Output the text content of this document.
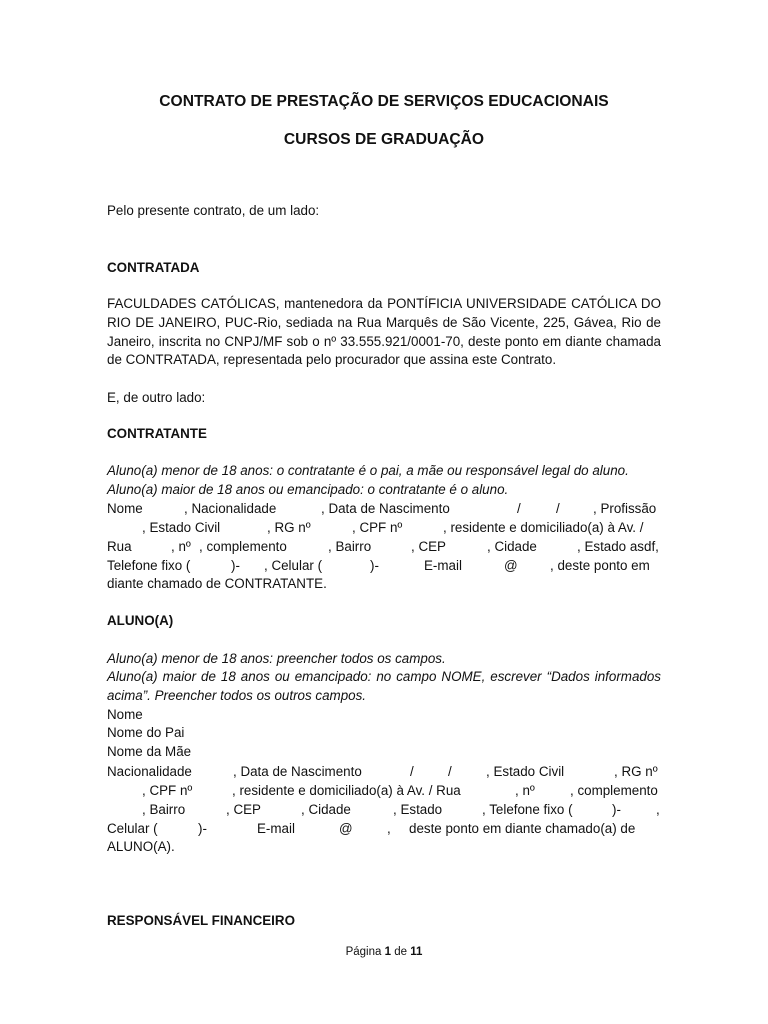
CONTRATO DE PRESTAÇÃO DE SERVIÇOS EDUCACIONAIS
CURSOS DE GRADUAÇÃO
Pelo presente contrato, de um lado:
CONTRATADA
FACULDADES CATÓLICAS, mantenedora da PONTÍFICIA UNIVERSIDADE CATÓLICA DO RIO DE JANEIRO, PUC-Rio, sediada na Rua Marquês de São Vicente, 225, Gávea, Rio de Janeiro, inscrita no CNPJ/MF sob o nº 33.555.921/0001-70, deste ponto em diante chamada de CONTRATADA, representada pelo procurador que assina este Contrato.
E, de outro lado:
CONTRATANTE
Aluno(a) menor de 18 anos: o contratante é o pai, a mãe ou responsável legal do aluno.
Aluno(a) maior de 18 anos ou emancipado: o contratante é o aluno.
Nome	, Nacionalidade	, Data de Nascimento	/	/ , Profissão
, Estado Civil	, RG nº	, CPF nº	, residente e domiciliado(a) à Av. /
Rua	, nº , complemento	, Bairro	, CEP	, Cidade	, Estado asdf,
Telefone fixo (	)- , Celular (	)-	E-mail	@ , deste ponto em
diante chamado de CONTRATANTE.
ALUNO(A)
Aluno(a) menor de 18 anos: preencher todos os campos.
Aluno(a) maior de 18 anos ou emancipado: no campo NOME, escrever “Dados informados acima”. Preencher todos os outros campos.
Nome
Nome do Pai
Nome da Mãe
Nacionalidade	, Data de Nascimento	/	/	, Estado Civil	, RG nº
, CPF nº	, residente e domiciliado(a) à Av. / Rua	, nº	, complemento
, Bairro	, CEP	, Cidade	, Estado	, Telefone fixo (	)-	,
Celular (	)-	E-mail	@	, deste ponto em diante chamado(a) de
ALUNO(A).
RESPONSÁVEL FINANCEIRO
Página 1 de 11
